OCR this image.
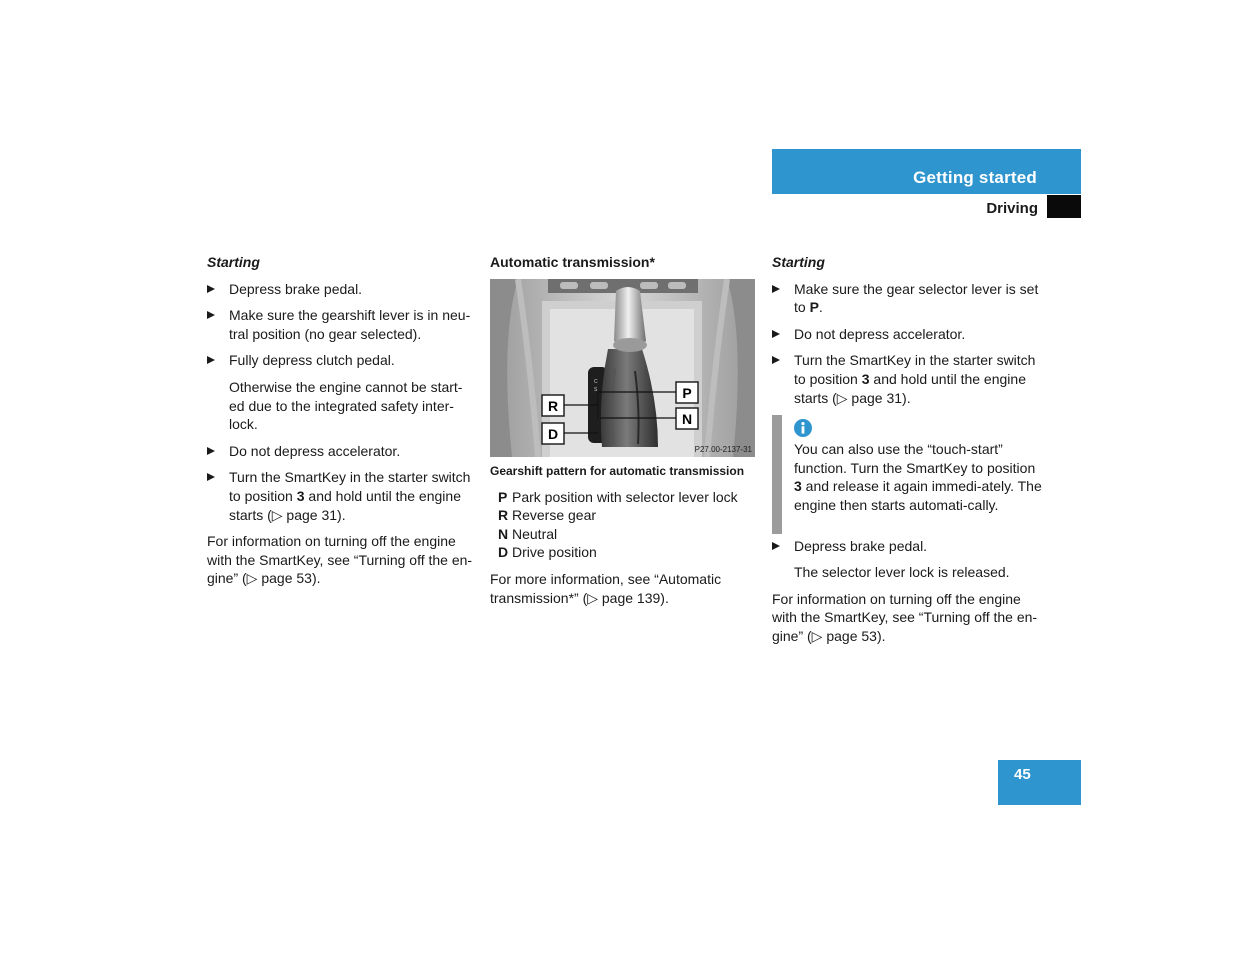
Getting started
Driving

Starting

Depress brake pedal.
Make sure the gearshift lever is in neu-tral position (no gear selected).
Fully depress clutch pedal.
Otherwise the engine cannot be start-ed due to the integrated safety inter-lock.
Do not depress accelerator.
Turn the SmartKey in the starter switch to position 3 and hold until the engine starts (▷ page 31).

For information on turning off the engine with the SmartKey, see “Turning off the en-gine” (▷ page 53).

Automatic transmission*

C
S
R
D
P
N
P27.00-2137-31

Gearshift pattern for automatic transmission

P Park position with selector lever lock
R Reverse gear
N Neutral
D Drive position

For more information, see “Automatic transmission*” (▷ page 139).

Starting

Make sure the gear selector lever is set to P.
Do not depress accelerator.
Turn the SmartKey in the starter switch to position 3 and hold until the engine starts (▷ page 31).
You can also use the “touch-start” function. Turn the SmartKey to position 3 and release it again immedi-ately. The engine then starts automati-cally.
Depress brake pedal.
The selector lever lock is released.

For information on turning off the engine with the SmartKey, see “Turning off the en-gine” (▷ page 53).

45
